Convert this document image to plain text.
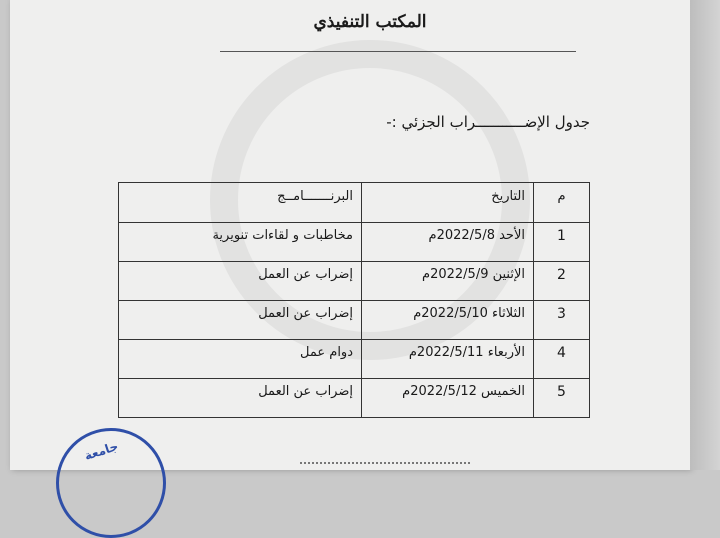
المكتب التنفيذي
جدول الإضـــــــــــراب الجزئي :-
م	التاريخ	البرنـــــــامــج
1	الأحد 2022/5/8م	مخاطبات و لقاءات تنويرية
2	الإثنين 2022/5/9م	إضراب عن العمل
3	الثلاثاء 2022/5/10م	إضراب عن العمل
4	الأربعاء 2022/5/11م	دوام عمل
5	الخميس 2022/5/12م	إضراب عن العمل
جامعة
